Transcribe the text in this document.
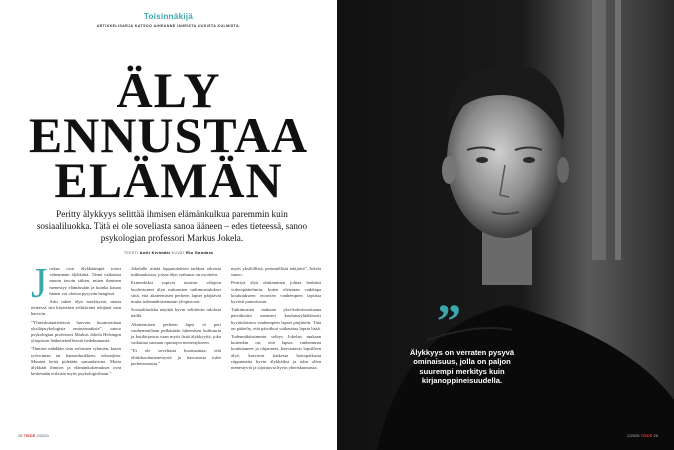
Toisinnäkijä
ARTIKKELISARJA KATSOO AIHEANNE IAHEISTA UUSISTA KULMISTA.
ÄLY
ENNUSTAA
ELÄMÄN
Peritty älykkyys selittää ihmisen elämänkulkua paremmin kuin sosiaaliluokka. Tätä ei ole soveliasta sanoa ääneen – edes tieteessä, sanoo psykologian professori Markus Jokela.
TEKSTI Antti Kivimäki KUVAT Rio Gandara
J oskus ovat älykkäämpiä toiset vähemmän älykkäitä. Tämä vaikuttaa monin tavoin siihen, miten ihminen menestyy elämässään ja kuinka kauan hänen voi olettaa pysyvän hengissä.

Arki tukee älyn merkitystä, mutta tieteessä sitä käytetään selittävänä tekijänä vain harvoin.

”Yhteiskuntatieteissä harvoin huomioidaan yksilöpsykologisia ominaisuuksia”, sanoo psykologian professori Markus Jokela Helsingin yliopiston lääketieteellisestä tiedekunnasta.

”Ihmiset nähdään vain erilaisten ryhmien, kuten työvoiman tai kansanluokkien, edustajina. Muuten heitä pidetään samanlaisina. Mutta älykkäät ihmiset ja elämänkokemukset ovat keskenään erilaisia myös psykologisiltaan.”

Jokelalle riittää lopputuloksen tarkkaa oikeista tutkimuksista, joissa älyn vaikutus on osoitettu.

Esimerkiksi sopivat tasaisin välajoin huolestuneet älyn mittausten tutkimustulokset siitä, että akateemisen perheen lapset pärjäävät muita todennäköisemmin yliopistoon.

Sosiaaliluokka näyttää hyvin selittävän tuloksia näillä.

Akateemisen perheen lapsi ei peri vanhemmiltaan pelkästään lukemisen kulttuuria ja kotikirjastoa vaan myös lisää älykkyyttä, joka vaikuttaa suoraan opintojen menestykseen.

”Ei ole soveliasta huomauttaa, että eliittikoulumenestystä ja kasvatusta tulee perhetaustasta.”

myös yksilöllisiä, perinnöllisiä tekijöitä”, Jokela sanoo.

Perittyä älyä ohittaminen johtaa herkästi virheopäätelmiin, kuten oletetaan vaikkapa koulutukseen eroavien vanhempien lapsista hyvästi panostuvan.

Tutkimusten mukaan yksi-kolmivuotiaana päiväkotiin menneet koulutusyhtäläisesti hyvätuloisten vanhempien lapset pärjäävät. Tätä on päätelty, että päiväkoti vaikeuttaa lapsia lisää.

Todennäköisimmin selitys Jokelan mukaan kuitenkin on, että lapsia vanhemmat kouluttaneet ja ohjanneet, kasvattavat lapsilleen älyä, kasvavat kaikesta hoitopaikasta riippumatta hyvin älykkäiksi ja näin ollen menestyvät ja sijoittuvat hyvin yhteiskunnassa.

28 TIEDE 2/2020
”
Älykkyys on verraten pysyvä ominaisuus, jolla on paljon suurempi merkitys kuin kirjanoppineisuudella.
2/2020 TIEDE 29
